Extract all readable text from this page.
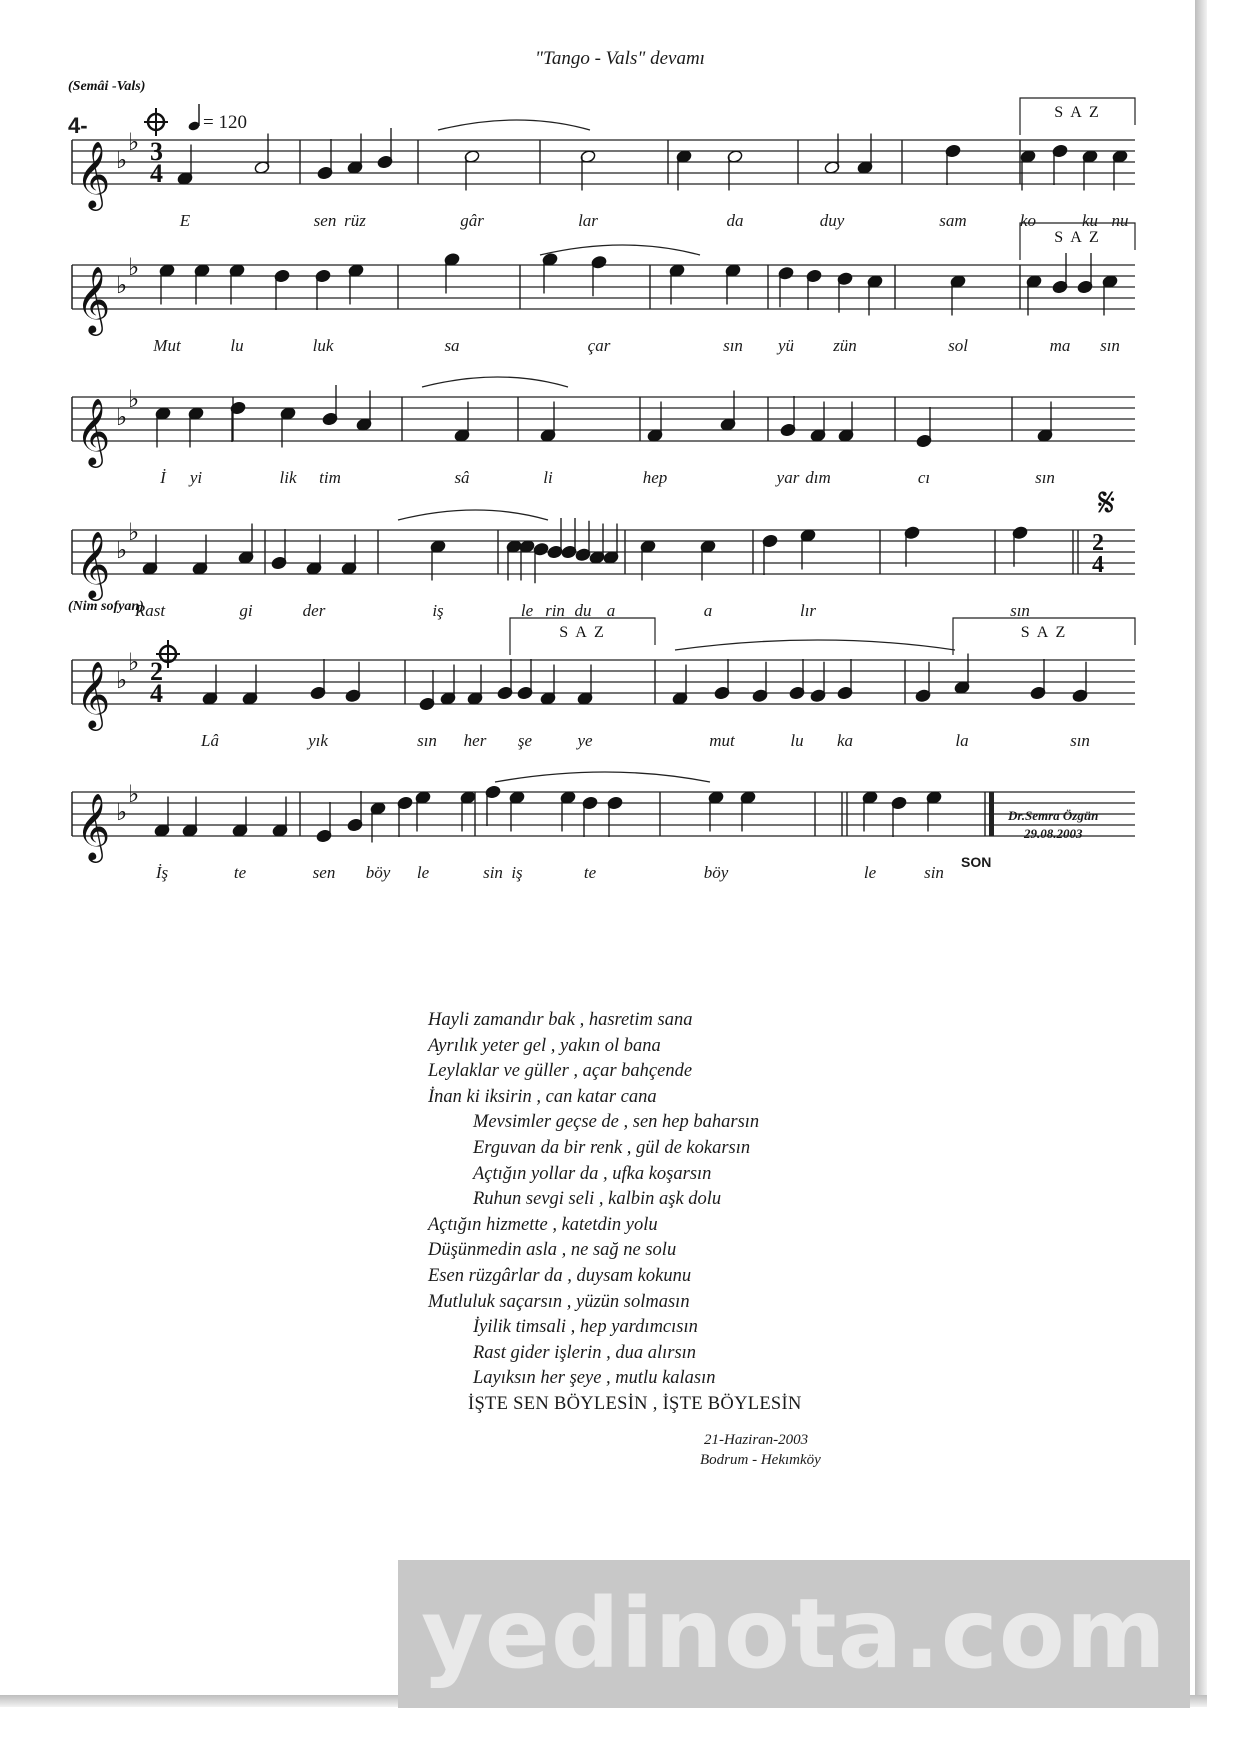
"Tango - Vals" devamı
𝄞 ♭
♭ 3
4
S A Z
E	sen rüz	gâr	lar	da	duy	sam	ko	ku nu
(Semâi -Vals)
𝄞 ♭
♭
S A Z
Mut	lu	luk	sa	çar	sın yü zün	sol	ma sın
𝄞 ♭
♭
İ yi	lik tim	sâ	li	hep	yar dım	cı	sın
𝄞 ♭
♭	2
4
Rast	gi	der	iş	le rin du a	a	lır	sın
𝄋
𝄞 ♭
♭ 2
4
S A Z	S A Z
Lâ	yık	sın her şe	ye	mut	lu ka	la	sın
(Nim sofyan)
𝄞 ♭
♭
İş	te	sen böy le	sin iş	te	böy	le	sin
4-	= 120
Dr.Semra Özgün
29.08.2003
SON
Hayli zamandır bak , hasretim sana
Ayrılık yeter gel , yakın ol bana
Leylaklar ve güller , açar bahçende
İnan ki iksirin , can katar cana
Mevsimler geçse de , sen hep baharsın
Erguvan da bir renk , gül de kokarsın
Açtığın yollar da , ufka koşarsın
Ruhun sevgi seli , kalbin aşk dolu
Açtığın hizmette , katetdin yolu
Düşünmedin asla , ne sağ ne solu
Esen rüzgârlar da , duysam kokunu
Mutluluk saçarsın , yüzün solmasın
İyilik timsali , hep yardımcısın
Rast gider işlerin , dua alırsın
Layıksın her şeye , mutlu kalasın
İŞTE SEN BÖYLESİN , İŞTE BÖYLESİN
21-Haziran-2003
Bodrum - Hekımköy
yedinota.com
